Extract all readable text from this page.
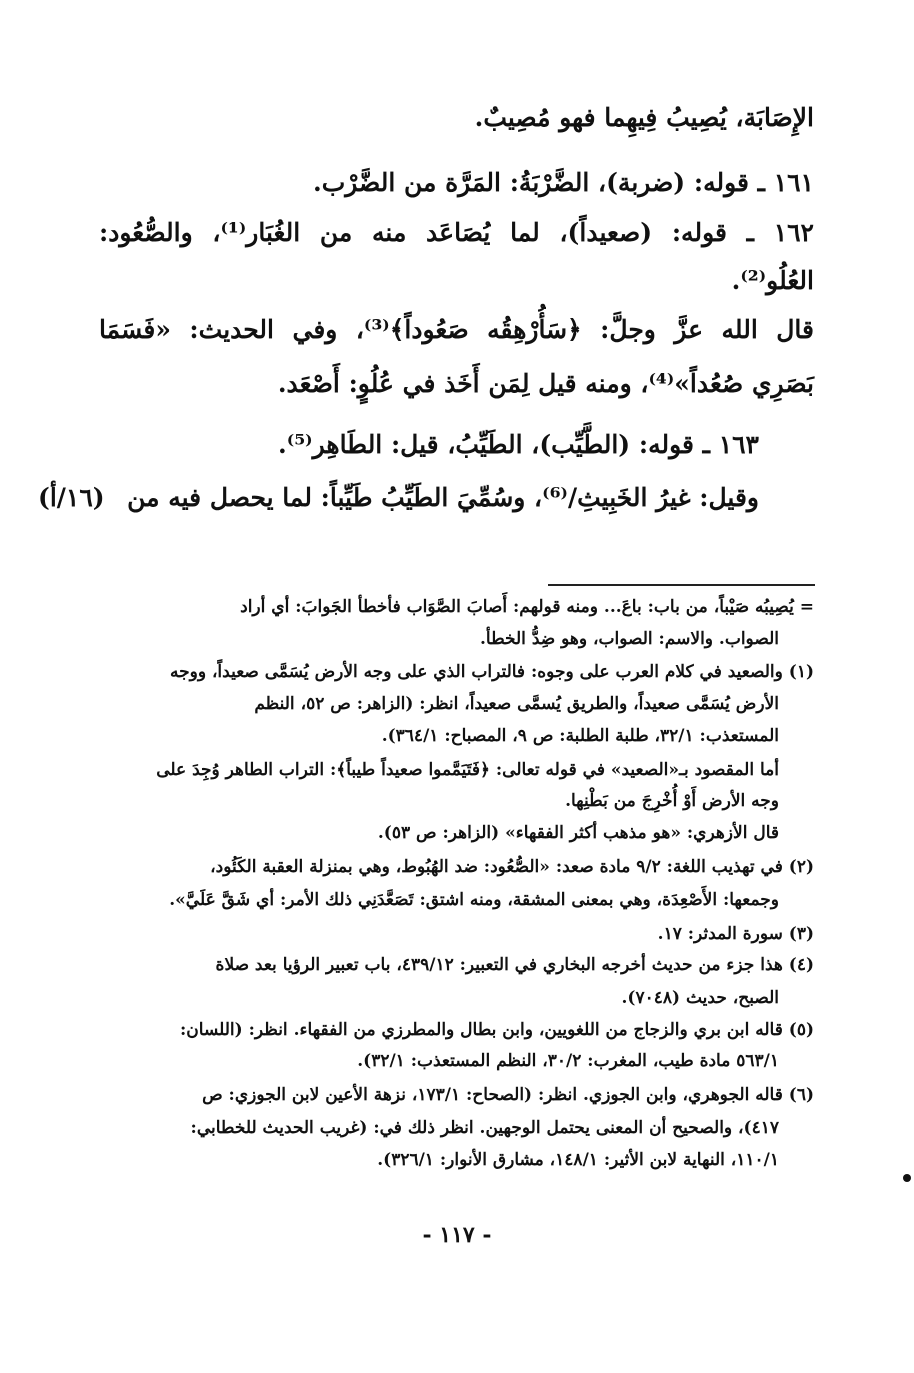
الإِصَابَة، يُصِيبُ فِيهِما فهو مُصِيبٌ.
١٦١ ـ قوله: (ضربة)، الضَّرْبَةُ: المَرَّة من الضَّرْب.
١٦٢ ـ قوله: (صعيداً)، لما يُصَاعَد منه من الغُبَار⁽¹⁾، والصُّعُود:
العُلُو⁽²⁾.
قال الله عزَّ وجلَّ: ﴿سَأُرْهِقُه صَعُوداً﴾⁽³⁾، وفي الحديث: «فَسَمَا
بَصَرِي صُعُداً»⁽⁴⁾، ومنه قيل لِمَن أَخَذ في عُلُوٍ: أَصْعَد.
١٦٣ ـ قوله: (الطَّيِّب)، الطَيِّبُ، قيل: الطَاهِر⁽⁵⁾.
وقيل: غيرُ الخَبِيثِ/⁽⁶⁾، وسُمِّيَ الطَيِّبُ طَيِّباً: لما يحصل فيه من
(١٦/أ)
= يُصِيبُه صَيْباً، من باب: باعَ... ومنه قولهم: أَصابَ الصَّوَاب فأخطأ الجَوابَ: أي أراد
الصواب. والاسم: الصواب، وهو ضِدُّ الخطأ.
(١) والصعيد في كلام العرب على وجوه: فالتراب الذي على وجه الأرض يُسَمَّى صعيداً، ووجه
الأرض يُسَمَّى صعيداً، والطريق يُسمَّى صعيداً، انظر: (الزاهر: ص ٥٢، النظم
المستعذب: ٣٢/١، طلبة الطلبة: ص ٩، المصباح: ٣٦٤/١).
أما المقصود بـ«الصعيد» في قوله تعالى: ﴿فَتَيَمَّموا صعيداً طيباً﴾: التراب الطاهر وُجِدَ على
وجه الأرض أَوْ أُخْرِجَ من بَطْنِها.
قال الأزهري: «هو مذهب أكثر الفقهاء» (الزاهر: ص ٥٣).
(٢) في تهذيب اللغة: ٩/٢ مادة صعد: «الصُّعُود: ضد الهُبُوط، وهي بمنزلة العقبة الكَئُود،
وجمعها: الأَصْعِدَة، وهي بمعنى المشقة، ومنه اشتق: تَصَعَّدَنِي ذلك الأمر: أي شَقَّ عَلَيَّ».
(٣) سورة المدثر: ١٧.
(٤) هذا جزء من حديث أخرجه البخاري في التعبير: ٤٣٩/١٢، باب تعبير الرؤيا بعد صلاة
الصبح، حديث (٧٠٤٨).
(٥) قاله ابن بري والزجاج من اللغويين، وابن بطال والمطرزي من الفقهاء. انظر: (اللسان:
٥٦٣/١ مادة طيب، المغرب: ٣٠/٢، النظم المستعذب: ٣٢/١).
(٦) قاله الجوهري، وابن الجوزي. انظر: (الصحاح: ١٧٣/١، نزهة الأعين لابن الجوزي: ص
٤١٧)، والصحيح أن المعنى يحتمل الوجهين. انظر ذلك في: (غريب الحديث للخطابي:
١١٠/١، النهاية لابن الأثير: ١٤٨/١، مشارق الأنوار: ٣٢٦/١).
- ١١٧ -
